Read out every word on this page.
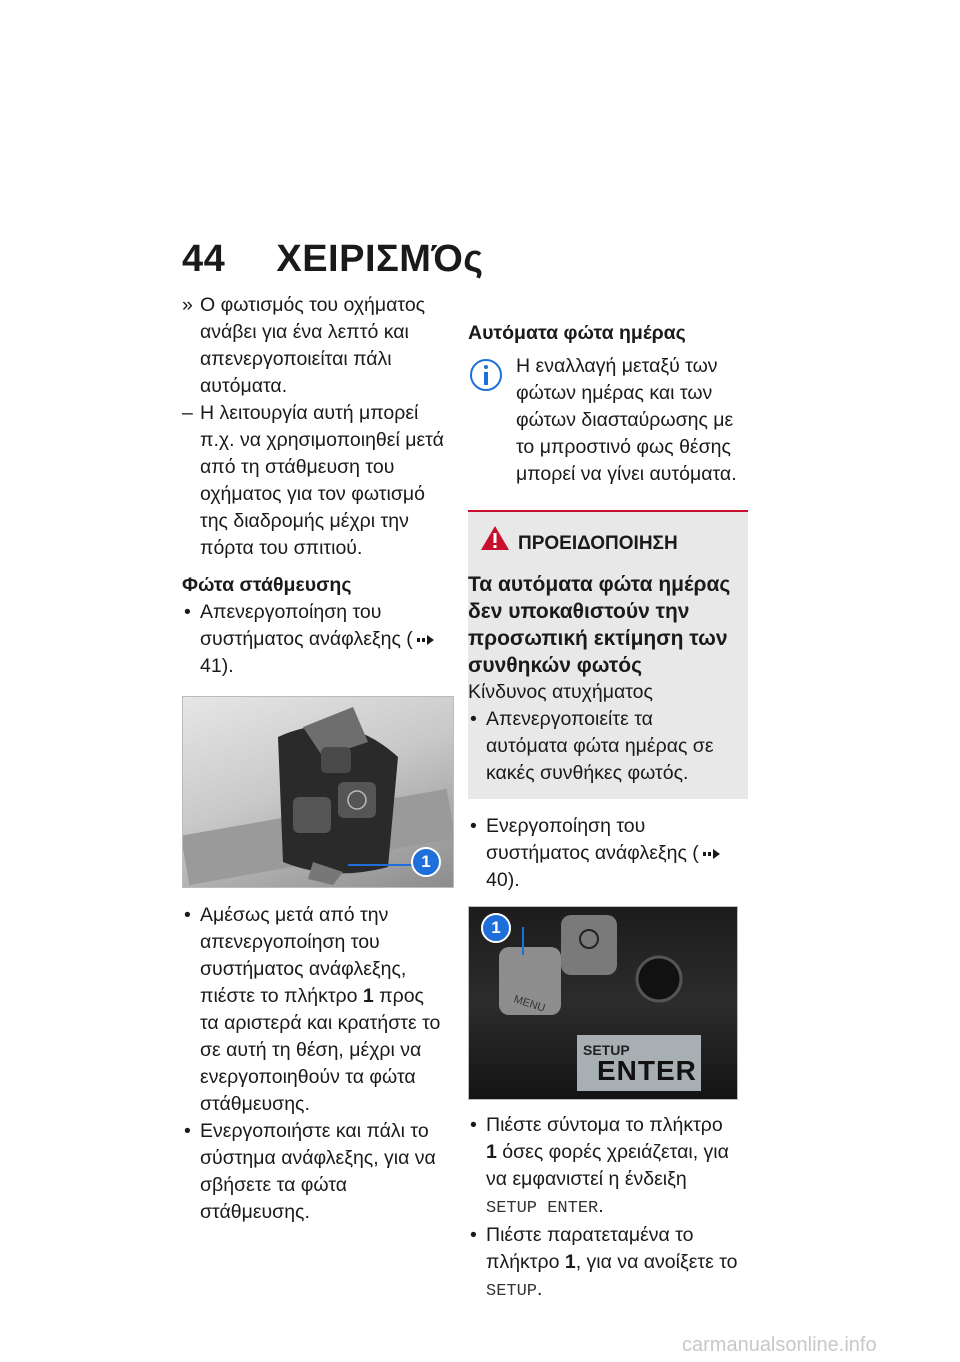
44 ΧΕΙΡΙΣΜΌς
» Ο φωτισμός του οχήματος ανάβει για ένα λεπτό και απενεργοποιείται πάλι αυτόματα.
– Η λειτουργία αυτή μπορεί π.χ. να χρησιμοποιηθεί μετά από τη στάθμευση του οχήματος για τον φωτισμό της διαδρομής μέχρι την πόρτα του σπιτιού.
Φώτα στάθμευσης
• Απενεργοποίηση του συστήματος ανάφλεξης (41).
1
• Αμέσως μετά από την απενεργοποίηση του συστήματος ανάφλεξης, πιέστε το πλήκτρο 1 προς τα αριστερά και κρατήστε το σε αυτή τη θέση, μέχρι να ενεργοποιηθούν τα φώτα στάθμευσης.
• Ενεργοποιήστε και πάλι το σύστημα ανάφλεξης, για να σβήσετε τα φώτα στάθμευσης.
Αυτόματα φώτα ημέρας
Η εναλλαγή μεταξύ των φώτων ημέρας και των φώτων διασταύρωσης με το μπροστινό φως θέσης μπορεί να γίνει αυτόματα.
ΠΡΟΕΙΔΟΠΟΙΗΣΗ
Τα αυτόματα φώτα ημέρας δεν υποκαθιστούν την προσωπική εκτίμηση των συνθηκών φωτός
Κίνδυνος ατυχήματος
• Απενεργοποιείτε τα αυτόματα φώτα ημέρας σε κακές συνθήκες φωτός.
• Ενεργοποίηση του συστήματος ανάφλεξης (40).
MENU
SETUP
ENTER
1
• Πιέστε σύντομα το πλήκτρο 1 όσες φορές χρειάζεται, για να εμφανιστεί η ένδειξη SETUP ENTER.
• Πιέστε παρατεταμένα το πλήκτρο 1, για να ανοίξετε το SETUP.
carmanualsonline.info
